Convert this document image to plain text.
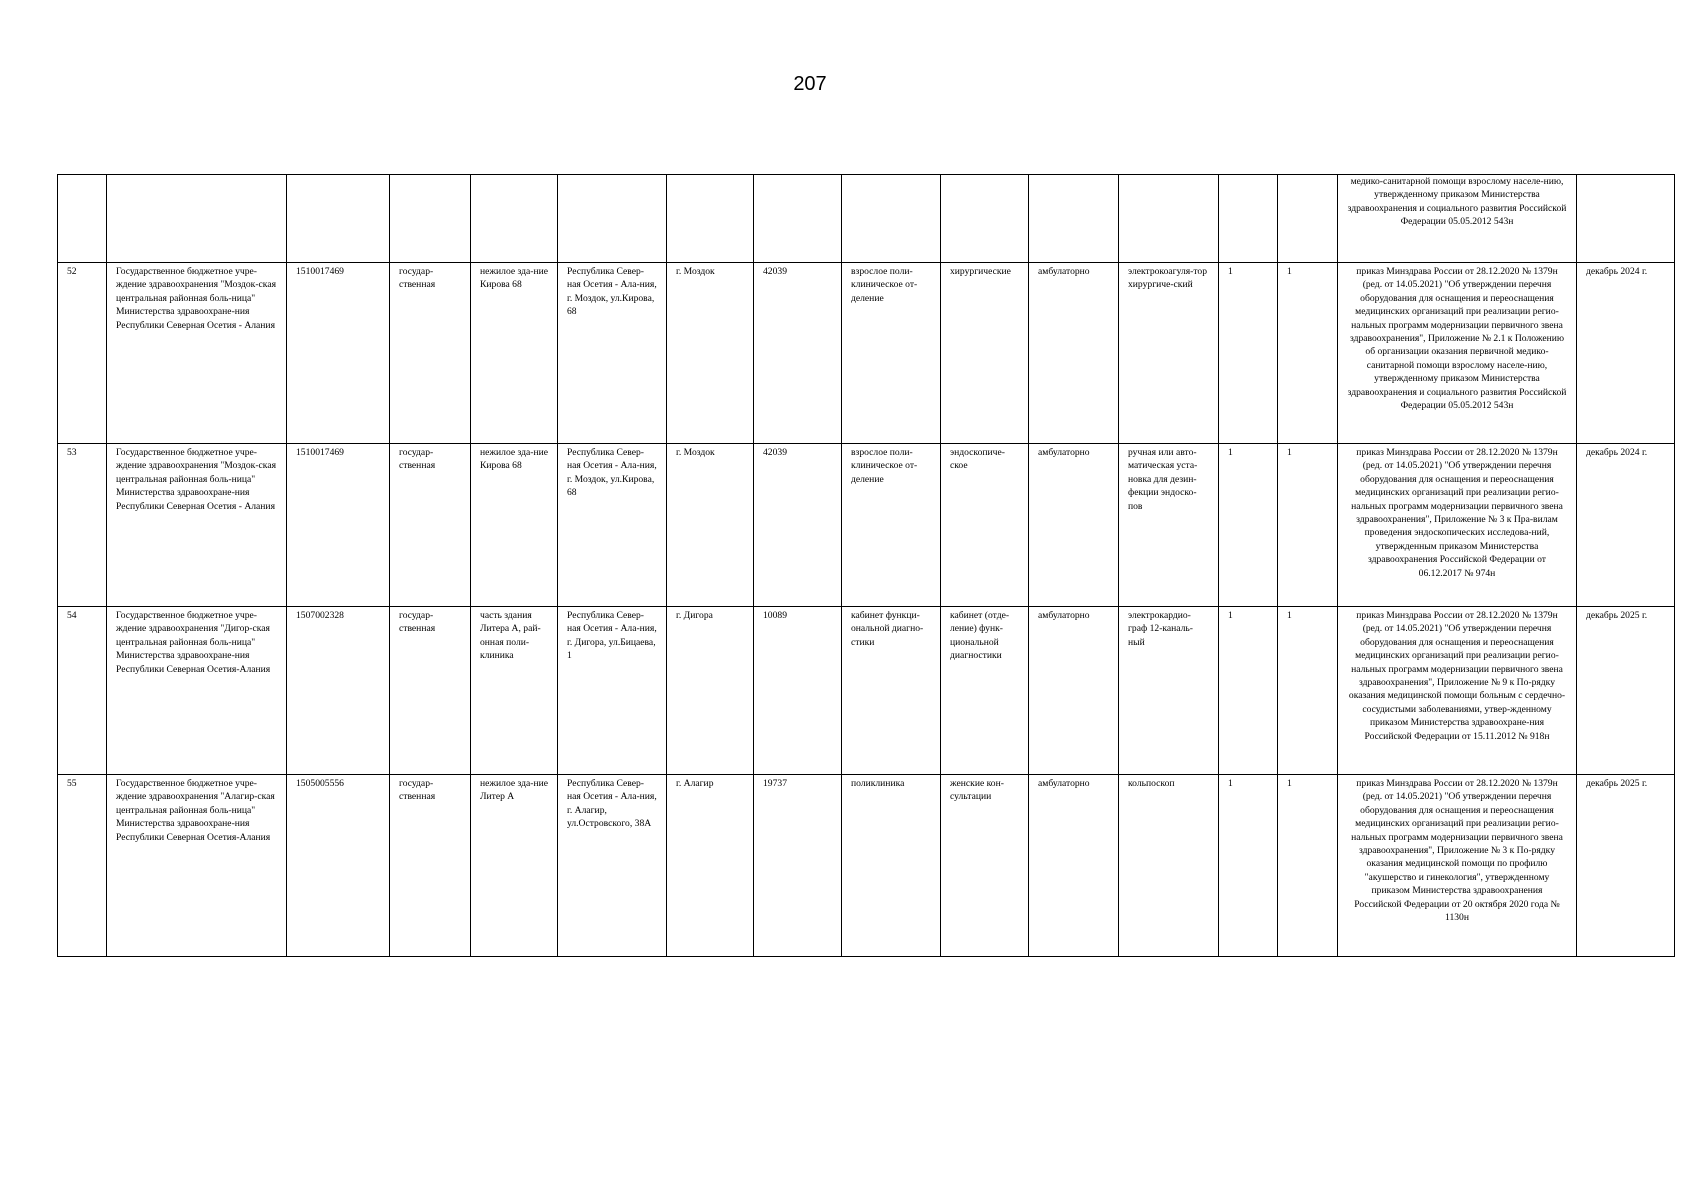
207

														медико-санитарной помощи взрослому населе-нию, утвержденному приказом Министерства здравоохранения и социального развития Российской Федерации 05.05.2012 543н	

52	Государственное бюджетное учре-ждение здравоохранения "Моздок-ская центральная районная боль-ница" Министерства здравоохране-ния Республики Северная Осетия - Алания	1510017469	государ-ственная	нежилое зда-ние Кирова 68	Республика Север-ная Осетия - Ала-ния, г. Моздок, ул.Кирова, 68	г. Моздок	42039	взрослое поли-клиническое от-деление	хирургические	амбулаторно	электрокоагуля-тор хирургиче-ский	1	1	приказ Минздрава России от 28.12.2020 № 1379н (ред. от 14.05.2021) "Об утверждении перечня оборудования для оснащения и переоснащения медицинских организаций при реализации регио-нальных программ модернизации первичного звена здравоохранения", Приложение № 2.1 к Положению об организации оказания первичной медико-санитарной помощи взрослому населе-нию, утвержденному приказом Министерства здравоохранения и социального развития Российской Федерации 05.05.2012 543н	декабрь 2024 г.
53	Государственное бюджетное учре-ждение здравоохранения "Моздок-ская центральная районная боль-ница" Министерства здравоохране-ния Республики Северная Осетия - Алания	1510017469	государ-ственная	нежилое зда-ние Кирова 68	Республика Север-ная Осетия - Ала-ния, г. Моздок, ул.Кирова, 68	г. Моздок	42039	взрослое поли-клиническое от-деление	эндоскопиче-ское	амбулаторно	ручная или авто-матическая уста-новка для дезин-фекции эндоско-пов	1	1	приказ Минздрава России от 28.12.2020 № 1379н (ред. от 14.05.2021) "Об утверждении перечня оборудования для оснащения и переоснащения медицинских организаций при реализации регио-нальных программ модернизации первичного звена здравоохранения", Приложение № 3 к Пра-вилам проведения эндоскопических исследова-ний, утвержденным приказом Министерства здравоохранения Российской Федерации от 06.12.2017 № 974н	декабрь 2024 г.
54	Государственное бюджетное учре-ждение здравоохранения "Дигор-ская центральная районная боль-ница" Министерства здравоохране-ния Республики Северная Осетия-Алания	1507002328	государ-ственная	часть здания Литера А, рай-онная поли-клиника	Республика Север-ная Осетия - Ала-ния, г. Дигора, ул.Бицаева, 1	г. Дигора	10089	кабинет функци-ональной диагно-стики	кабинет (отде-ление) функ-циональной диагностики	амбулаторно	электрокардио-граф 12-каналь-ный	1	1	приказ Минздрава России от 28.12.2020 № 1379н (ред. от 14.05.2021) "Об утверждении перечня оборудования для оснащения и переоснащения медицинских организаций при реализации регио-нальных программ модернизации первичного звена здравоохранения", Приложение № 9 к По-рядку оказания медицинской помощи больным с сердечно-сосудистыми заболеваниями, утвер-жденному приказом Министерства здравоохране-ния Российской Федерации от 15.11.2012 № 918н	декабрь 2025 г.
55	Государственное бюджетное учре-ждение здравоохранения "Алагир-ская центральная районная боль-ница" Министерства здравоохране-ния Республики Северная Осетия-Алания	1505005556	государ-ственная	нежилое зда-ние Литер А	Республика Север-ная Осетия - Ала-ния, г. Алагир, ул.Островского, 38А	г. Алагир	19737	поликлиника	женские кон-сультации	амбулаторно	кольпоскоп	1	1	приказ Минздрава России от 28.12.2020 № 1379н (ред. от 14.05.2021) "Об утверждении перечня оборудования для оснащения и переоснащения медицинских организаций при реализации регио-нальных программ модернизации первичного звена здравоохранения", Приложение № 3 к По-рядку оказания медицинской помощи по профилю "акушерство и гинекология", утвержденному приказом Министерства здравоохранения Российской Федерации от 20 октября 2020 года № 1130н	декабрь 2025 г.
